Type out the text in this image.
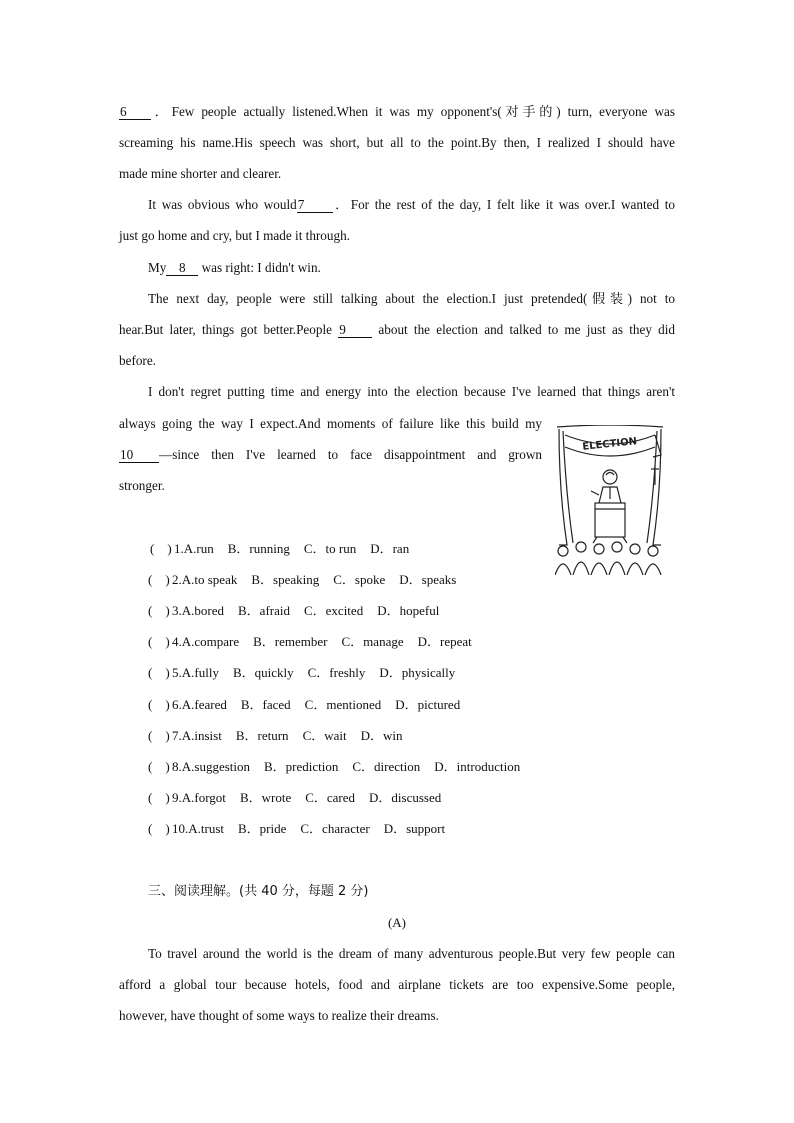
6 ．Few people actually listened.When it was my opponent's(对手的) turn, everyone was
screaming his name.His speech was short, but all to the point.By then, I realized I should have
made mine shorter and clearer.
It was obvious who would7 ．For the rest of the day, I felt like it was over.I wanted to
just go home and cry, but I made it through.
My 8 was right: I didn't win.
The next day, people were still talking about the election.I just pretended(假装) not to
hear.But later, things got better.People 9 about the election and talked to me just as they did
before.
I don't regret putting time and energy into the election because I've learned that things aren't
always going the way I expect.And moments of failure like this build my
10 —since then I've learned to face disappointment and grown
stronger.
ELECTION
(　) 1.A.run B．running C．to run D．ran
(　) 2.A.to speak B．speaking C．spoke D．speaks
(　) 3.A.bored B．afraid C．excited D．hopeful
(　) 4.A.compare B．remember C．manage D．repeat
(　) 5.A.fully B．quickly C．freshly D．physically
(　) 6.A.feared B．faced C．mentioned D．pictured
(　) 7.A.insist B．return C．wait D．win
(　) 8.A.suggestion B．prediction C．direction D．introduction
(　) 9.A.forgot B．wrote C．cared D．discussed
(　) 10.A.trust B．pride C．character D．support
三、阅读理解。(共 40 分，每题 2 分)
(A)
To travel around the world is the dream of many adventurous people.But very few people can
afford a global tour because hotels, food and airplane tickets are too expensive.Some people,
however, have thought of some ways to realize their dreams.
